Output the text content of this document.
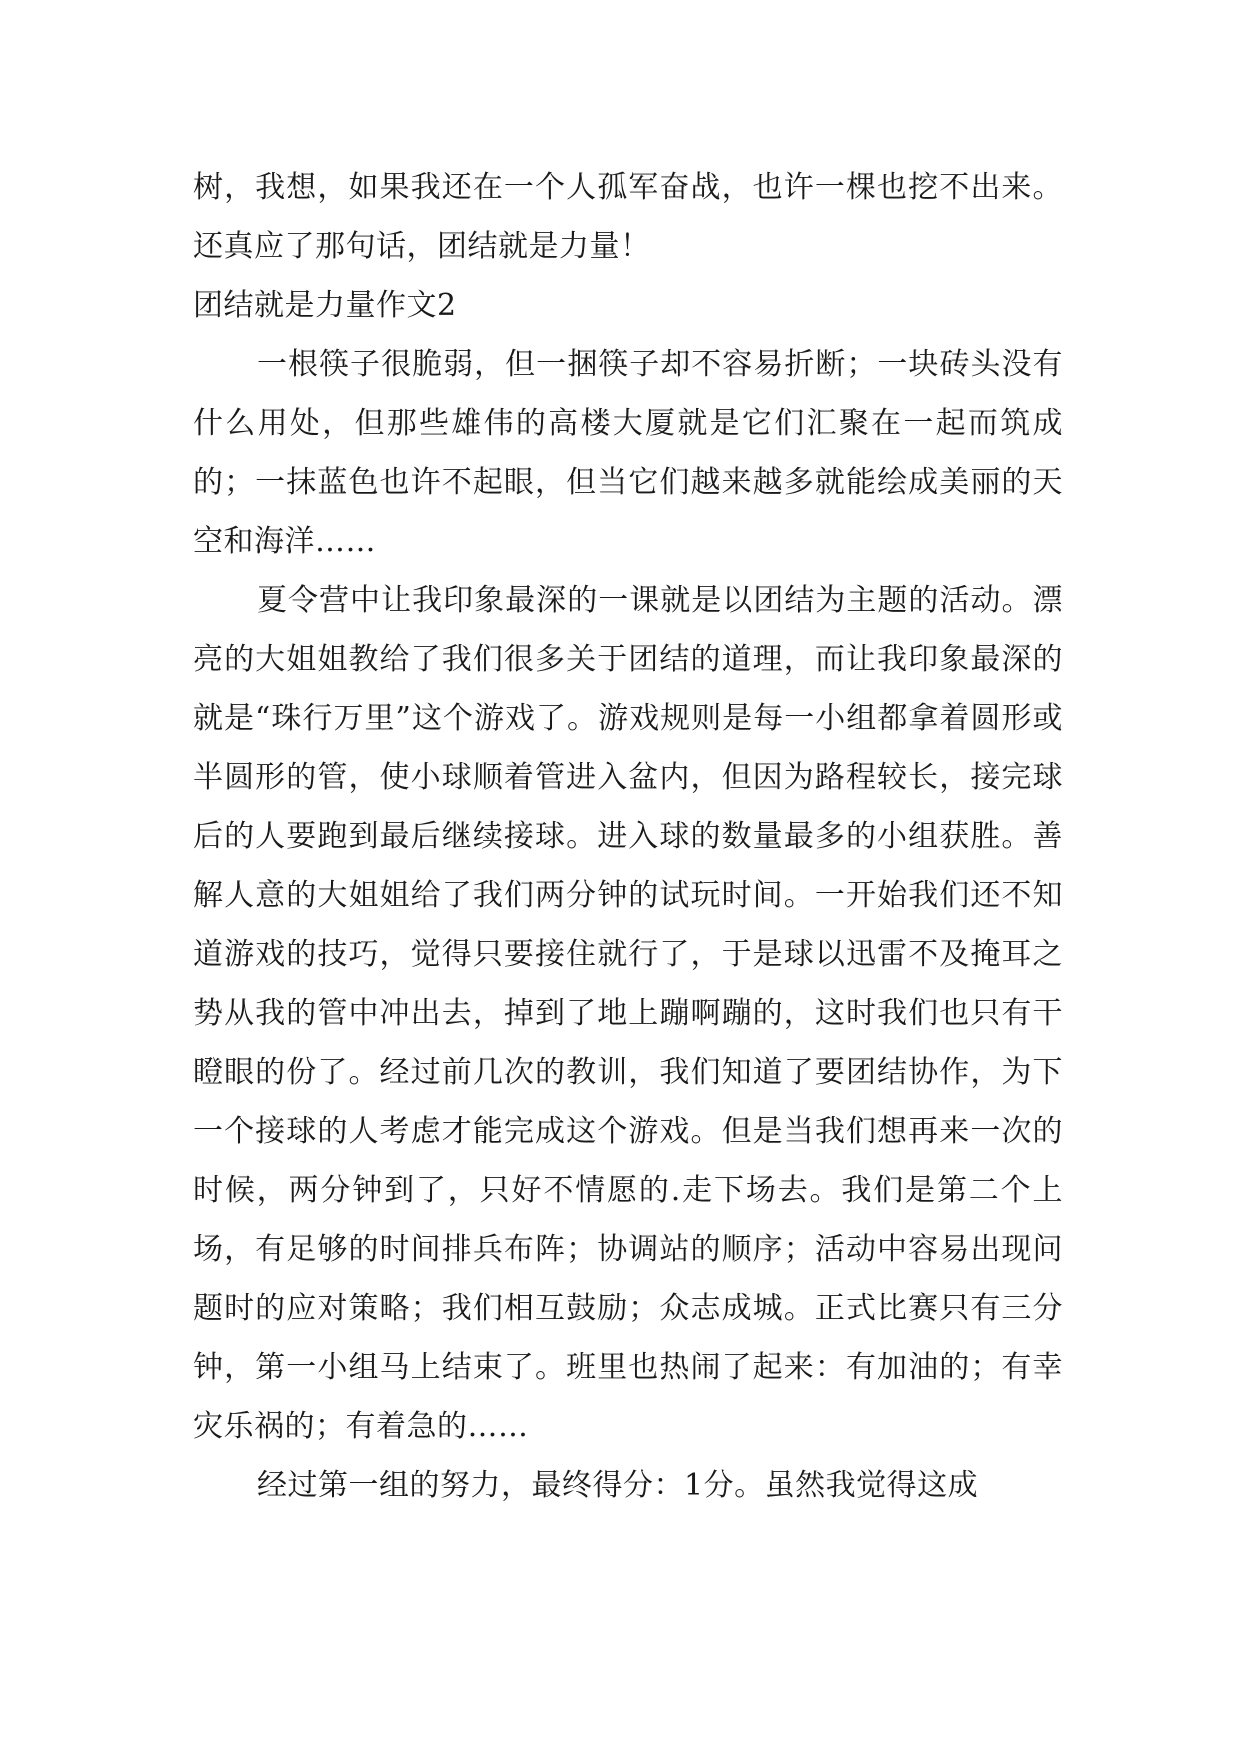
树，我想，如果我还在一个人孤军奋战，也许一棵也挖不出来。还真应了那句话，团结就是力量！

团结就是力量作文2

一根筷子很脆弱，但一捆筷子却不容易折断；一块砖头没有什么用处，但那些雄伟的高楼大厦就是它们汇聚在一起而筑成的；一抹蓝色也许不起眼，但当它们越来越多就能绘成美丽的天空和海洋……

夏令营中让我印象最深的一课就是以团结为主题的活动。漂亮的大姐姐教给了我们很多关于团结的道理，而让我印象最深的就是“珠行万里”这个游戏了。游戏规则是每一小组都拿着圆形或半圆形的管，使小球顺着管进入盆内，但因为路程较长，接完球后的人要跑到最后继续接球。进入球的数量最多的小组获胜。善解人意的大姐姐给了我们两分钟的试玩时间。一开始我们还不知道游戏的技巧，觉得只要接住就行了，于是球以迅雷不及掩耳之势从我的管中冲出去，掉到了地上蹦啊蹦的，这时我们也只有干瞪眼的份了。经过前几次的教训，我们知道了要团结协作，为下一个接球的人考虑才能完成这个游戏。但是当我们想再来一次的时候，两分钟到了，只好不情愿的.走下场去。我们是第二个上场，有足够的时间排兵布阵；协调站的顺序；活动中容易出现问题时的应对策略；我们相互鼓励；众志成城。正式比赛只有三分钟，第一小组马上结束了。班里也热闹了起来：有加油的；有幸灾乐祸的；有着急的……

经过第一组的努力，最终得分：1分。虽然我觉得这成
